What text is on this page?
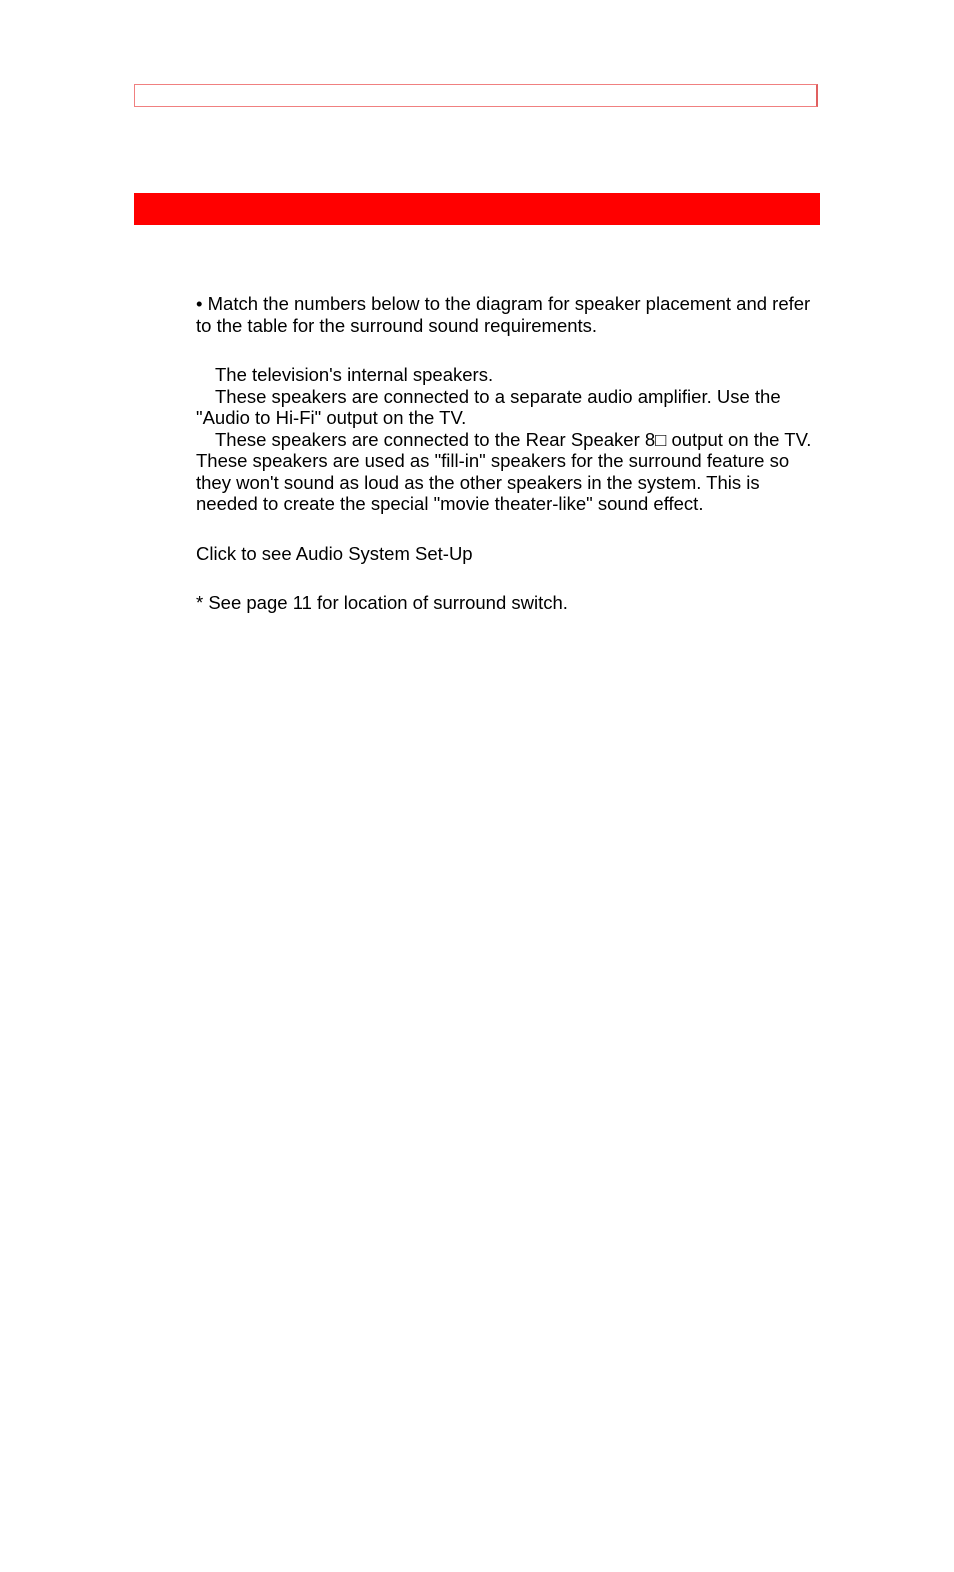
• Match the numbers below to the diagram for speaker placement and refer to the table for the surround sound requirements.

The television's internal speakers.

These speakers are connected to a separate audio amplifier. Use the "Audio to Hi-Fi" output on the TV.

These speakers are connected to the Rear Speaker 8□ output on the TV. These speakers are used as "fill-in" speakers for the surround feature so they won't sound as loud as the other speakers in the system. This is needed to create the special "movie theater-like" sound effect.

Click to see Audio System Set-Up

* See page 11 for location of surround switch.
